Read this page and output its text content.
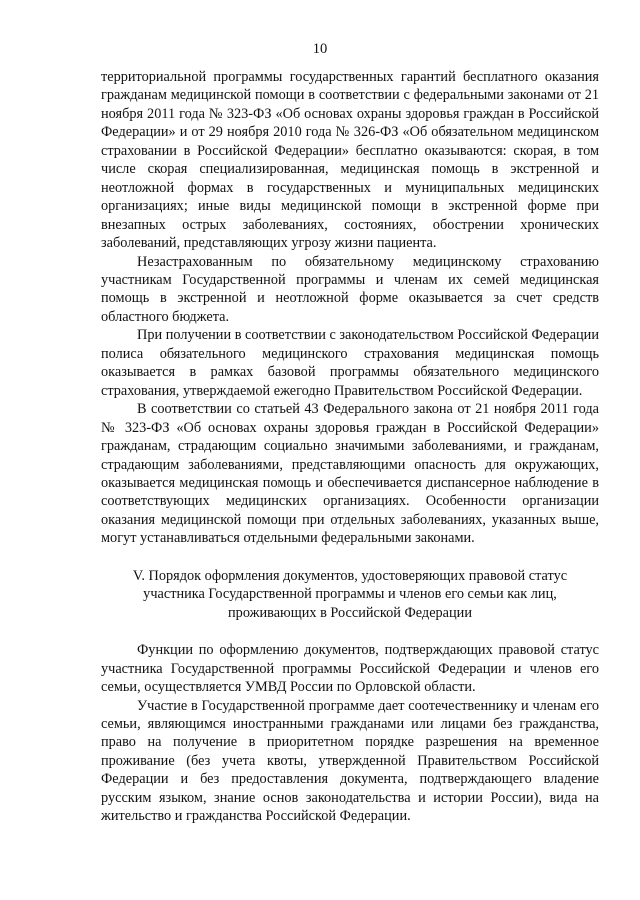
10

территориальной программы государственных гарантий бесплатного оказания гражданам медицинской помощи в соответствии с федеральными законами от 21 ноября 2011 года № 323-ФЗ «Об основах охраны здоровья граждан в Российской Федерации» и от 29 ноября 2010 года № 326-ФЗ «Об обязательном медицинском страховании в Российской Федерации» бесплатно оказываются: скорая, в том числе скорая специализированная, медицинская помощь в экстренной и неотложной формах в государственных и муниципальных медицинских организациях; иные виды медицинской помощи в экстренной форме при внезапных острых заболеваниях, состояниях, обострении хронических заболеваний, представляющих угрозу жизни пациента.

Незастрахованным по обязательному медицинскому страхованию участникам Государственной программы и членам их семей медицинская помощь в экстренной и неотложной форме оказывается за счет средств областного бюджета.

При получении в соответствии с законодательством Российской Федерации полиса обязательного медицинского страхования медицинская помощь оказывается в рамках базовой программы обязательного медицинского страхования, утверждаемой ежегодно Правительством Российской Федерации.

В соответствии со статьей 43 Федерального закона от 21 ноября 2011 года № 323-ФЗ «Об основах охраны здоровья граждан в Российской Федерации» гражданам, страдающим социально значимыми заболеваниями, и гражданам, страдающим заболеваниями, представляющими опасность для окружающих, оказывается медицинская помощь и обеспечивается диспансерное наблюдение в соответствующих медицинских организациях. Особенности организации оказания медицинской помощи при отдельных заболеваниях, указанных выше, могут устанавливаться отдельными федеральными законами.

V. Порядок оформления документов, удостоверяющих правовой статус
участника Государственной программы и членов его семьи как лиц,
проживающих в Российской Федерации

Функции по оформлению документов, подтверждающих правовой статус участника Государственной программы Российской Федерации и членов его семьи, осуществляется УМВД России по Орловской области.

Участие в Государственной программе дает соотечественнику и членам его семьи, являющимся иностранными гражданами или лицами без гражданства, право на получение в приоритетном порядке разрешения на временное проживание (без учета квоты, утвержденной Правительством Российской Федерации и без предоставления документа, подтверждающего владение русским языком, знание основ законодательства и истории России), вида на жительство и гражданства Российской Федерации.
